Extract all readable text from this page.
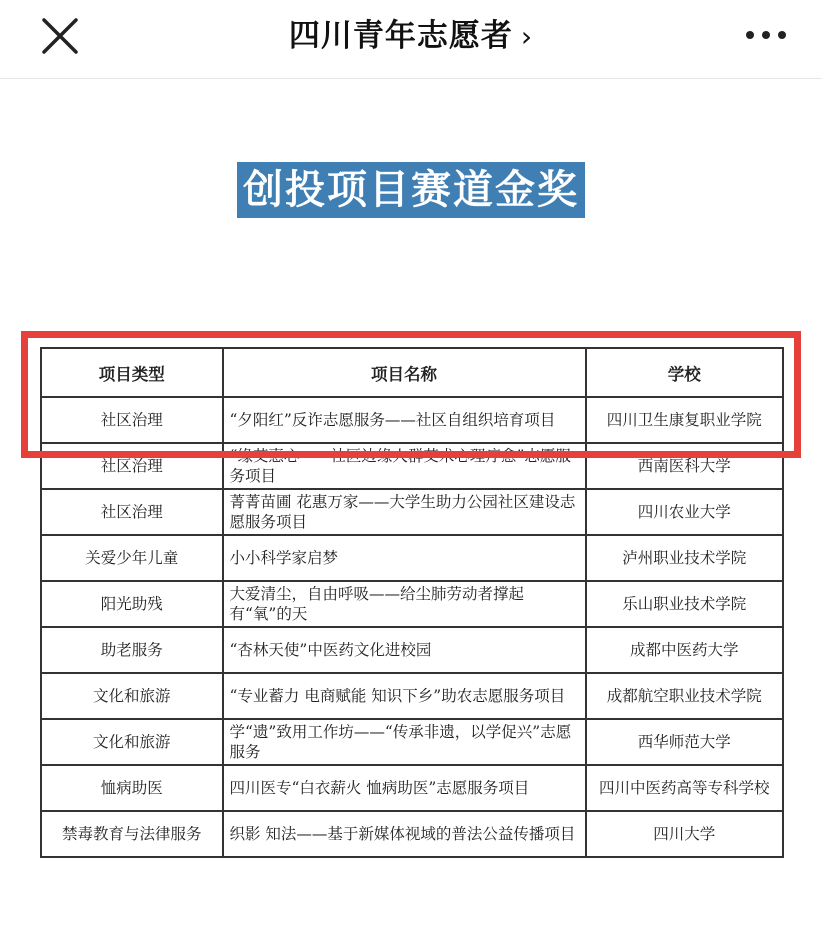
四川青年志愿者 ›
创投项目赛道金奖
项目类型	项目名称	学校
社区治理	“夕阳红”反诈志愿服务——社区自组织培育项目	四川卫生康复职业学院
社区治理	“缘艾惠心——社区边缘人群艾术心理疗愈”志愿服务项目	西南医科大学
社区治理	菁菁苗圃 花惠万家——大学生助力公园社区建设志愿服务项目	四川农业大学
关爱少年儿童	小小科学家启梦	泸州职业技术学院
阳光助残	大爱清尘，自由呼吸——给尘肺劳动者撑起有“氧”的天	乐山职业技术学院
助老服务	“杏林天使”中医药文化进校园	成都中医药大学
文化和旅游	“专业蓄力 电商赋能 知识下乡”助农志愿服务项目	成都航空职业技术学院
文化和旅游	学“遗”致用工作坊——“传承非遗，以学促兴”志愿服务	西华师范大学
恤病助医	四川医专“白衣薪火 恤病助医”志愿服务项目	四川中医药高等专科学校
禁毒教育与法律服务	织影 知法——基于新媒体视域的普法公益传播项目	四川大学
